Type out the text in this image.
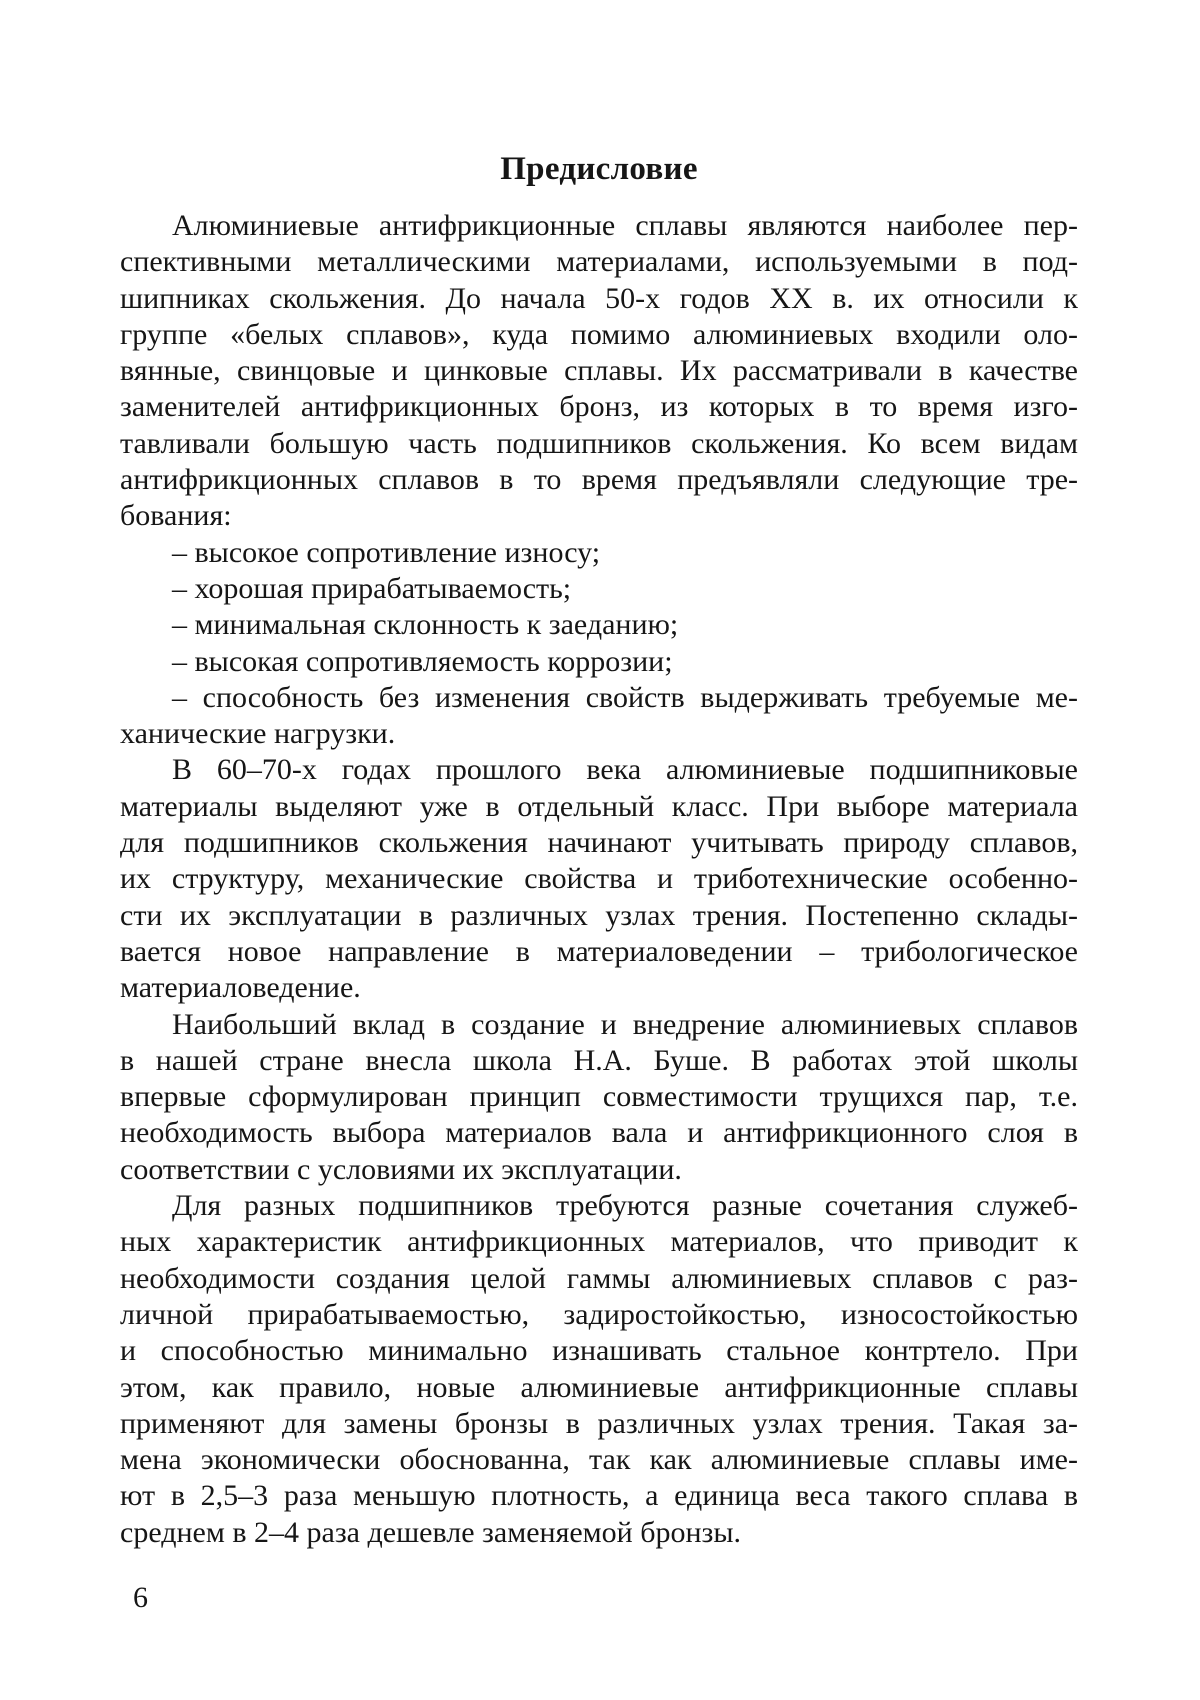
Предисловие
Алюминиевые антифрикционные сплавы являются наиболее пер-
спективными металлическими материалами, используемыми в под-
шипниках скольжения. До начала 50-х годов XX в. их относили к
группе «белых сплавов», куда помимо алюминиевых входили оло-
вянные, свинцовые и цинковые сплавы. Их рассматривали в качестве
заменителей антифрикционных бронз, из которых в то время изго-
тавливали большую часть подшипников скольжения. Ко всем видам
антифрикционных сплавов в то время предъявляли следующие тре-
бования:
– высокое сопротивление износу;
– хорошая прирабатываемость;
– минимальная склонность к заеданию;
– высокая сопротивляемость коррозии;
– способность без изменения свойств выдерживать требуемые ме-
ханические нагрузки.
В 60–70-х годах прошлого века алюминиевые подшипниковые
материалы выделяют уже в отдельный класс. При выборе материала
для подшипников скольжения начинают учитывать природу сплавов,
их структуру, механические свойства и триботехнические особенно-
сти их эксплуатации в различных узлах трения. Постепенно склады-
вается новое направление в материаловедении – трибологическое
материаловедение.
Наибольший вклад в создание и внедрение алюминиевых сплавов
в нашей стране внесла школа Н.А. Буше. В работах этой школы
впервые сформулирован принцип совместимости трущихся пар, т.е.
необходимость выбора материалов вала и антифрикционного слоя в
соответствии с условиями их эксплуатации.
Для разных подшипников требуются разные сочетания служеб-
ных характеристик антифрикционных материалов, что приводит к
необходимости создания целой гаммы алюминиевых сплавов с раз-
личной прирабатываемостью, задиростойкостью, износостойкостью
и способностью минимально изнашивать стальное контртело. При
этом, как правило, новые алюминиевые антифрикционные сплавы
применяют для замены бронзы в различных узлах трения. Такая за-
мена экономически обоснованна, так как алюминиевые сплавы име-
ют в 2,5–3 раза меньшую плотность, а единица веса такого сплава в
среднем в 2–4 раза дешевле заменяемой бронзы.
6
